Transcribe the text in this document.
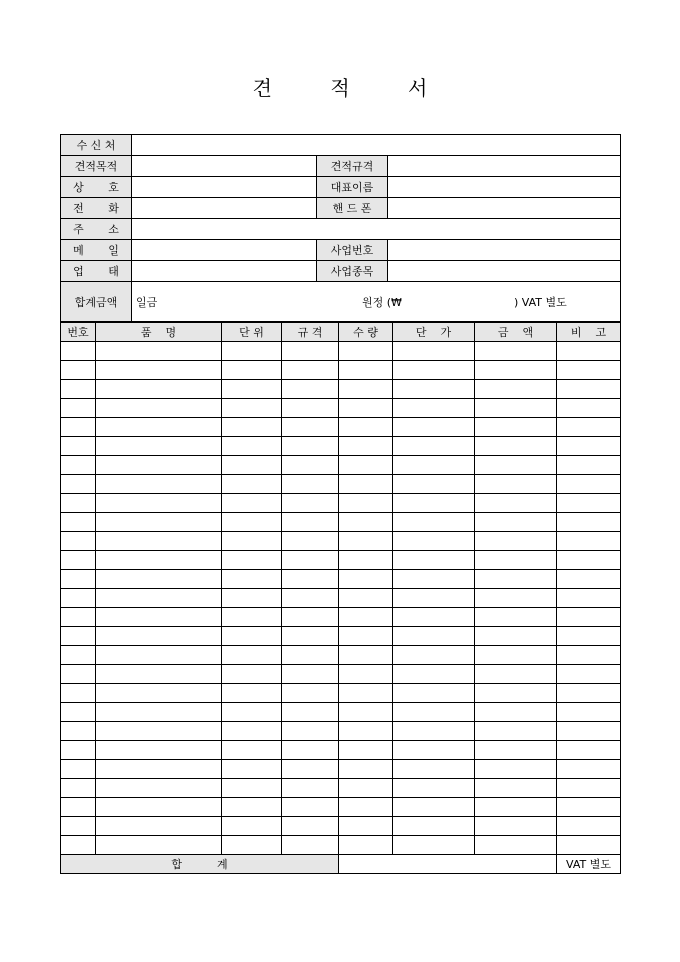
견 적 서
수 신 처			
견적목적		견적규격	
상       호		대표이름	
전       화		핸 드 폰	
주       소			
메       일		사업번호	
업       태		사업종목	
합계금액	일금 원정 (₩ ) VAT 별도		
번호	품    명	단 위	규 격	수 량	단    가	금    액	비    고

합          계							VAT 별도
